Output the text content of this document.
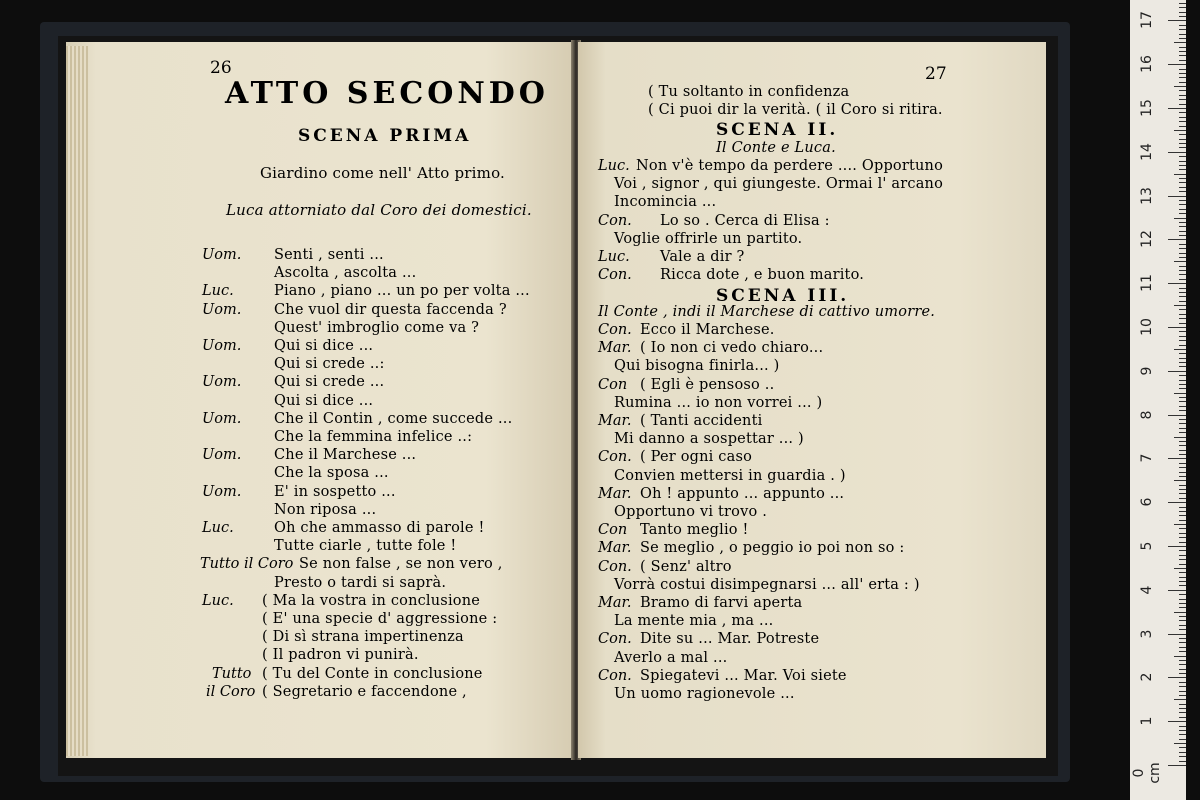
26
ATTO SECONDO
SCENA PRIMA
Giardino come nell' Atto primo.
Luca attorniato dal Coro dei domestici.
27
SCENA II.
Il Conte e Luca.
SCENA III.
Il Conte , indi il Marchese di cattivo umorre.
0 cm
1
2
3
4
5
6
7
8
9
10
11
12
13
14
15
16
17
Uom. Senti , senti ...
Ascolta , ascolta ...
Luc.	Piano , piano ... un po per volta ...
Uom. Che vuol dir questa faccenda ?
Quest' imbroglio come va ?
Uom. Qui si dice ...
Qui si crede ..:
Uom. Qui si crede ...
Qui si dice ...
Uom. Che il Contin , come succede ...
Che la femmina infelice ..:
Uom. Che il Marchese ...
Che la sposa ...
Uom. E' in sospetto ...
Non riposa ...
Luc.	Oh che ammasso di parole !
Tutte ciarle , tutte fole !
Tutto il Coro Se non false , se non vero ,
Presto o tardi si saprà.
Luc. ( Ma la vostra in conclusione
( E' una specie d' aggressione :
( Di sì strana impertinenza
( Il padron vi punirà.
Tutto ( Tu del Conte in conclusione
il Coro ( Segretario e faccendone ,
( Tu soltanto in confidenza
( Ci puoi dir la verità. ( il Coro si ritira.
Luc. Non v'è tempo da perdere .... Opportuno
Voi , signor , qui giungeste. Ormai l' arcano
Incomincia ...
Con. Lo so . Cerca di Elisa :
Voglie offrirle un partito.
Luc. Vale a dir ?
Con. Ricca dote , e buon marito.
Con. Ecco il Marchese.
Mar. ( Io non ci vedo chiaro...
Qui bisogna finirla... )
Con ( Egli è pensoso ..
Rumina ... io non vorrei ... )
Mar. ( Tanti accidenti
Mi danno a sospettar ... )
Con. ( Per ogni caso
Convien mettersi in guardia . )
Mar. Oh ! appunto ... appunto ...
Opportuno vi trovo .
Con Tanto meglio !
Mar. Se meglio , o peggio io poi non so :
Con. ( Senz' altro
Vorrà costui disimpegnarsi ... all' erta : )
Mar. Bramo di farvi aperta
La mente mia , ma ...
Con. Dite su ... Mar. Potreste
Averlo a mal ...
Con. Spiegatevi ... Mar. Voi siete
Un uomo ragionevole ...
